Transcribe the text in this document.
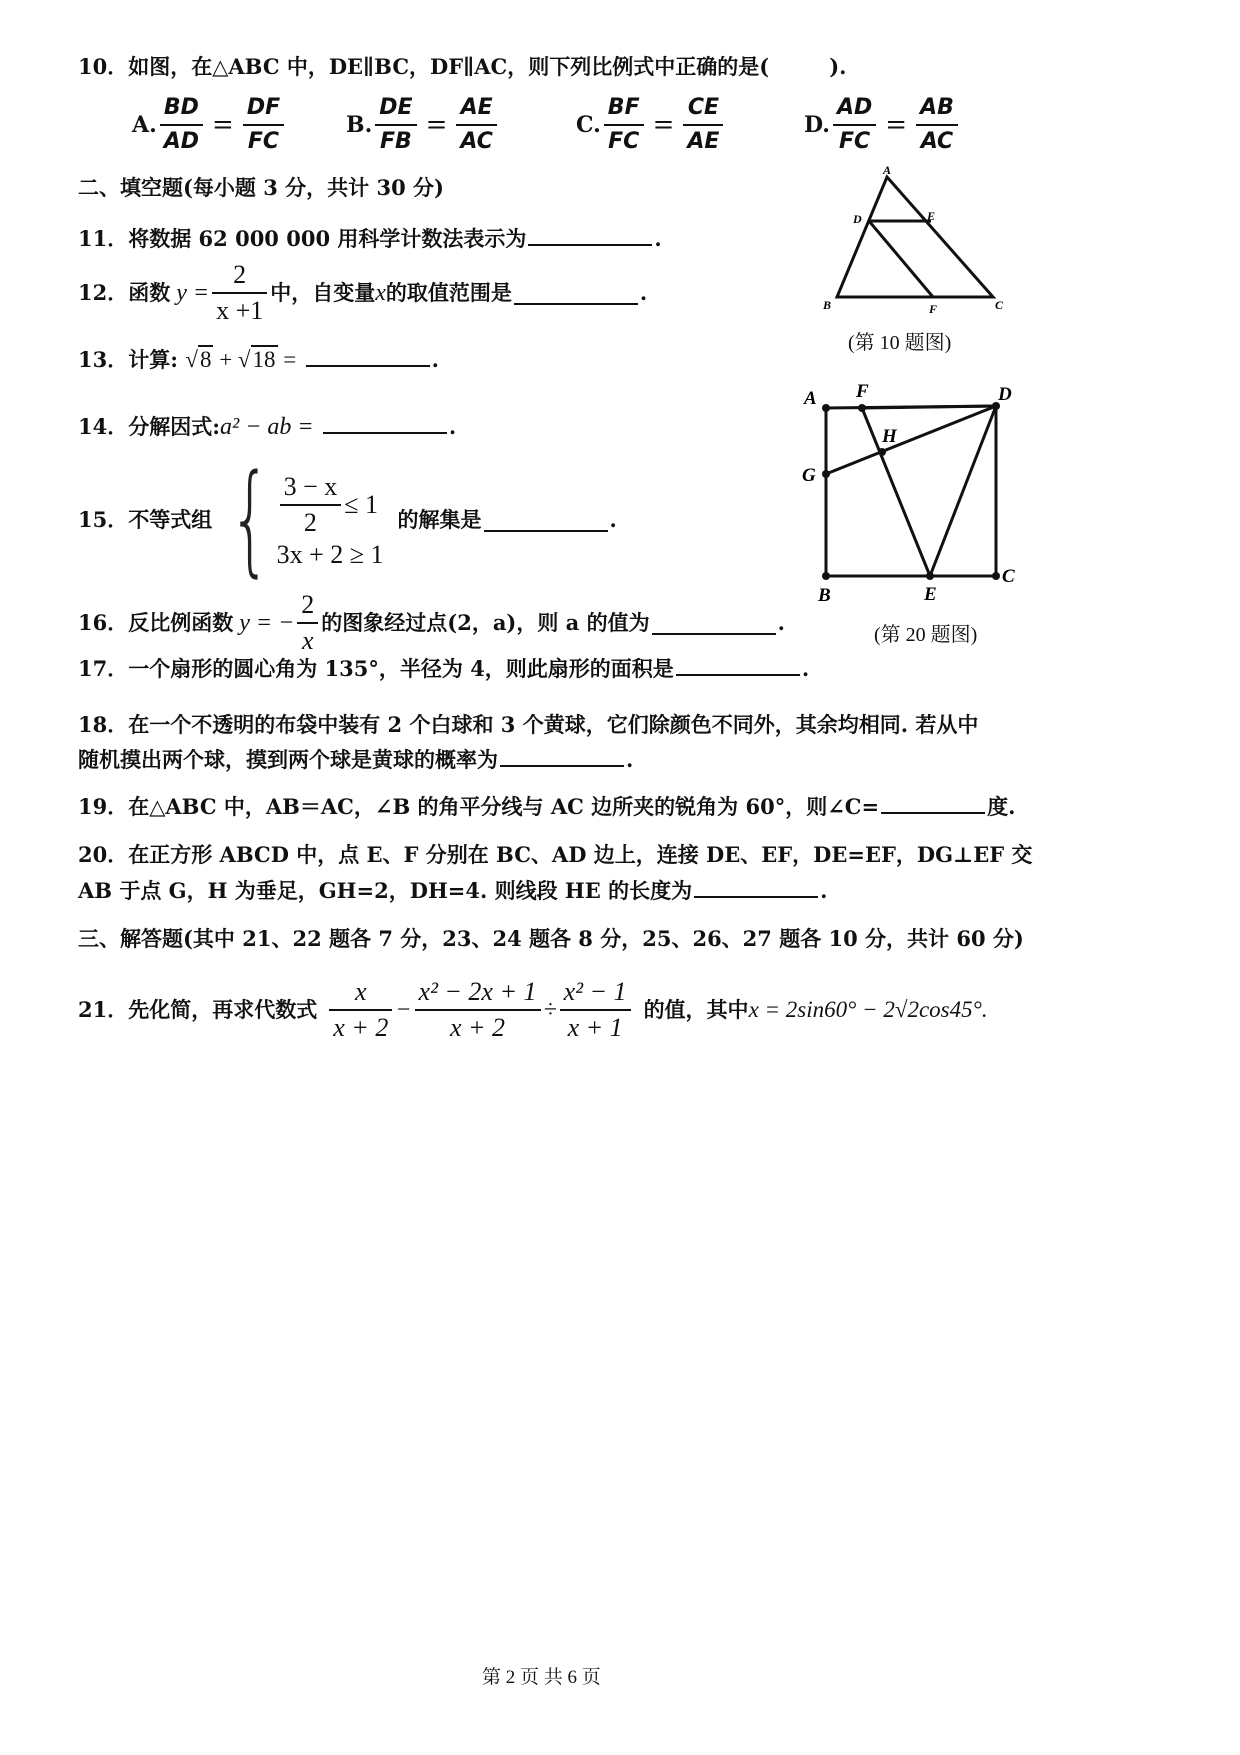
10．如图，在△ABC 中，DE∥BC，DF∥AC，则下列比例式中正确的是(	).
A. $\frac{BD}{AD} = \frac{DF}{FC}$	B. $\frac{DE}{FB} = \frac{AE}{AC}$	C. $\frac{BF}{FC} = \frac{CE}{AE}$	D. $\frac{AD}{FC} = \frac{AB}{AC}$
二、填空题(每小题 3 分，共计 30 分)
11．将数据 62 000 000 用科学计数法表示为	.
12． 函数 $y = \frac{2}{x +1}$ 中，自变量 x 的取值范围是	.
13．计算: √8 + √18 =	.
14．分解因式:a² − ab =	.
15． 不等式组 { $\frac{3 - x}{2} \le 1$
3x + 2 ≥ 1
的解集是	.
16． 反比例函数 y = − $\frac{2}{x}$ 的图象经过点(2，a)，则 a 的值为	.
17．一个扇形的圆心角为 135°，半径为 4，则此扇形的面积是	.
18．在一个不透明的布袋中装有 2 个白球和 3 个黄球，它们除颜色不同外，其余均相同. 若从中
随机摸出两个球，摸到两个球是黄球的概率为	.
19．在△ABC 中，AB＝AC，∠B 的角平分线与 AC 边所夹的锐角为 60°，则∠C=	度.
20．在正方形 ABCD 中，点 E、F 分别在 BC、AD 边上，连接 DE、EF，DE=EF，DG⊥EF 交
AB 于点 G，H 为垂足，GH=2，DH=4. 则线段 HE 的长度为	.
三、解答题(其中 21、22 题各 7 分，23、24 题各 8 分，25、26、27 题各 10 分，共计 60 分)
21． 先化简，再求代数式 $\frac{x}{x + 2} - \frac{\text{x² − 2x + 1}}{x + 2} \div \frac{\text{x² − 1}}{x + 1}$ 的值，其中 x = 2sin60° − 2√2cos45°.
A
D	E
B	F	C
(第 10 题图)
A F	D
H
G
B	E
C
(第 20 题图)
第 2 页 共 6 页
